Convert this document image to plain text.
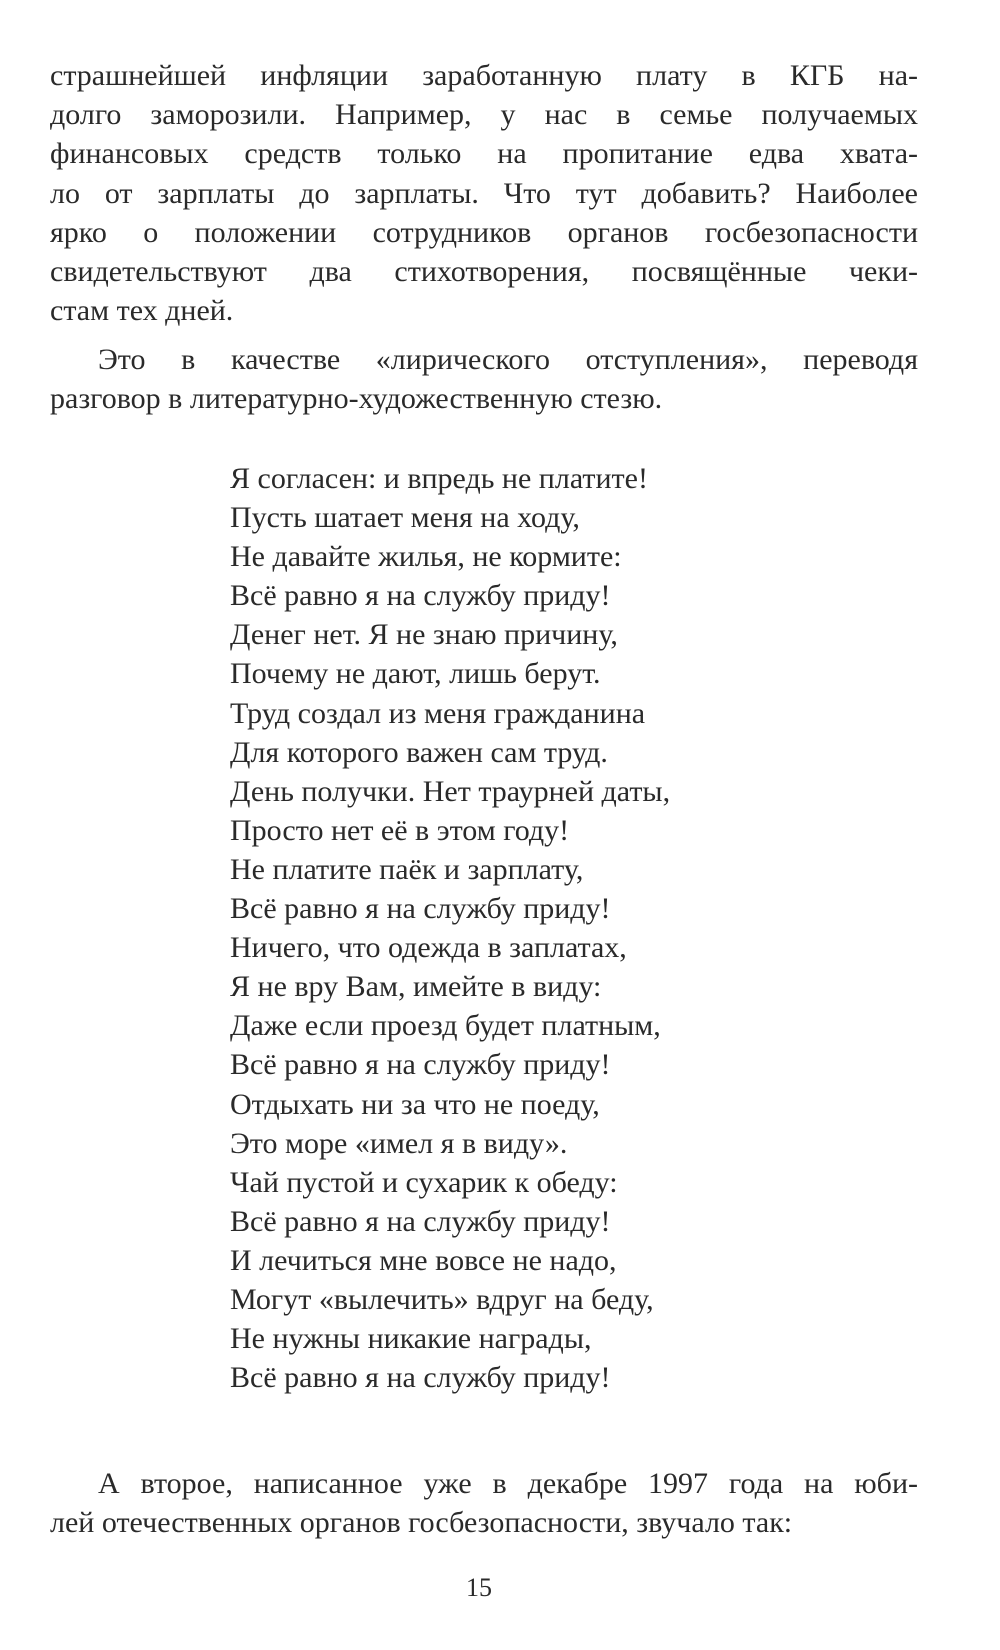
страшнейшей инфляции заработанную плату в КГБ на-
долго заморозили. Например, у нас в семье получаемых
финансовых средств только на пропитание едва хвата-
ло от зарплаты до зарплаты. Что тут добавить? Наиболее
ярко о положении сотрудников органов госбезопасности
свидетельствуют два стихотворения, посвящённые чеки-
стам тех дней.

Это в качестве «лирического отступления», переводя
разговор в литературно-художественную стезю.

Я согласен: и впредь не платите!
Пусть шатает меня на ходу,
Не давайте жилья, не кормите:
Всё равно я на службу приду!
Денег нет. Я не знаю причину,
Почему не дают, лишь берут.
Труд создал из меня гражданина
Для которого важен сам труд.
День получки. Нет траурней даты,
Просто нет её в этом году!
Не платите паёк и зарплату,
Всё равно я на службу приду!
Ничего, что одежда в заплатах,
Я не вру Вам, имейте в виду:
Даже если проезд будет платным,
Всё равно я на службу приду!
Отдыхать ни за что не поеду,
Это море «имел я в виду».
Чай пустой и сухарик к обеду:
Всё равно я на службу приду!
И лечиться мне вовсе не надо,
Могут «вылечить» вдруг на беду,
Не нужны никакие награды,
Всё равно я на службу приду!

А второе, написанное уже в декабре 1997 года на юби-
лей отечественных органов госбезопасности, звучало так:

15
